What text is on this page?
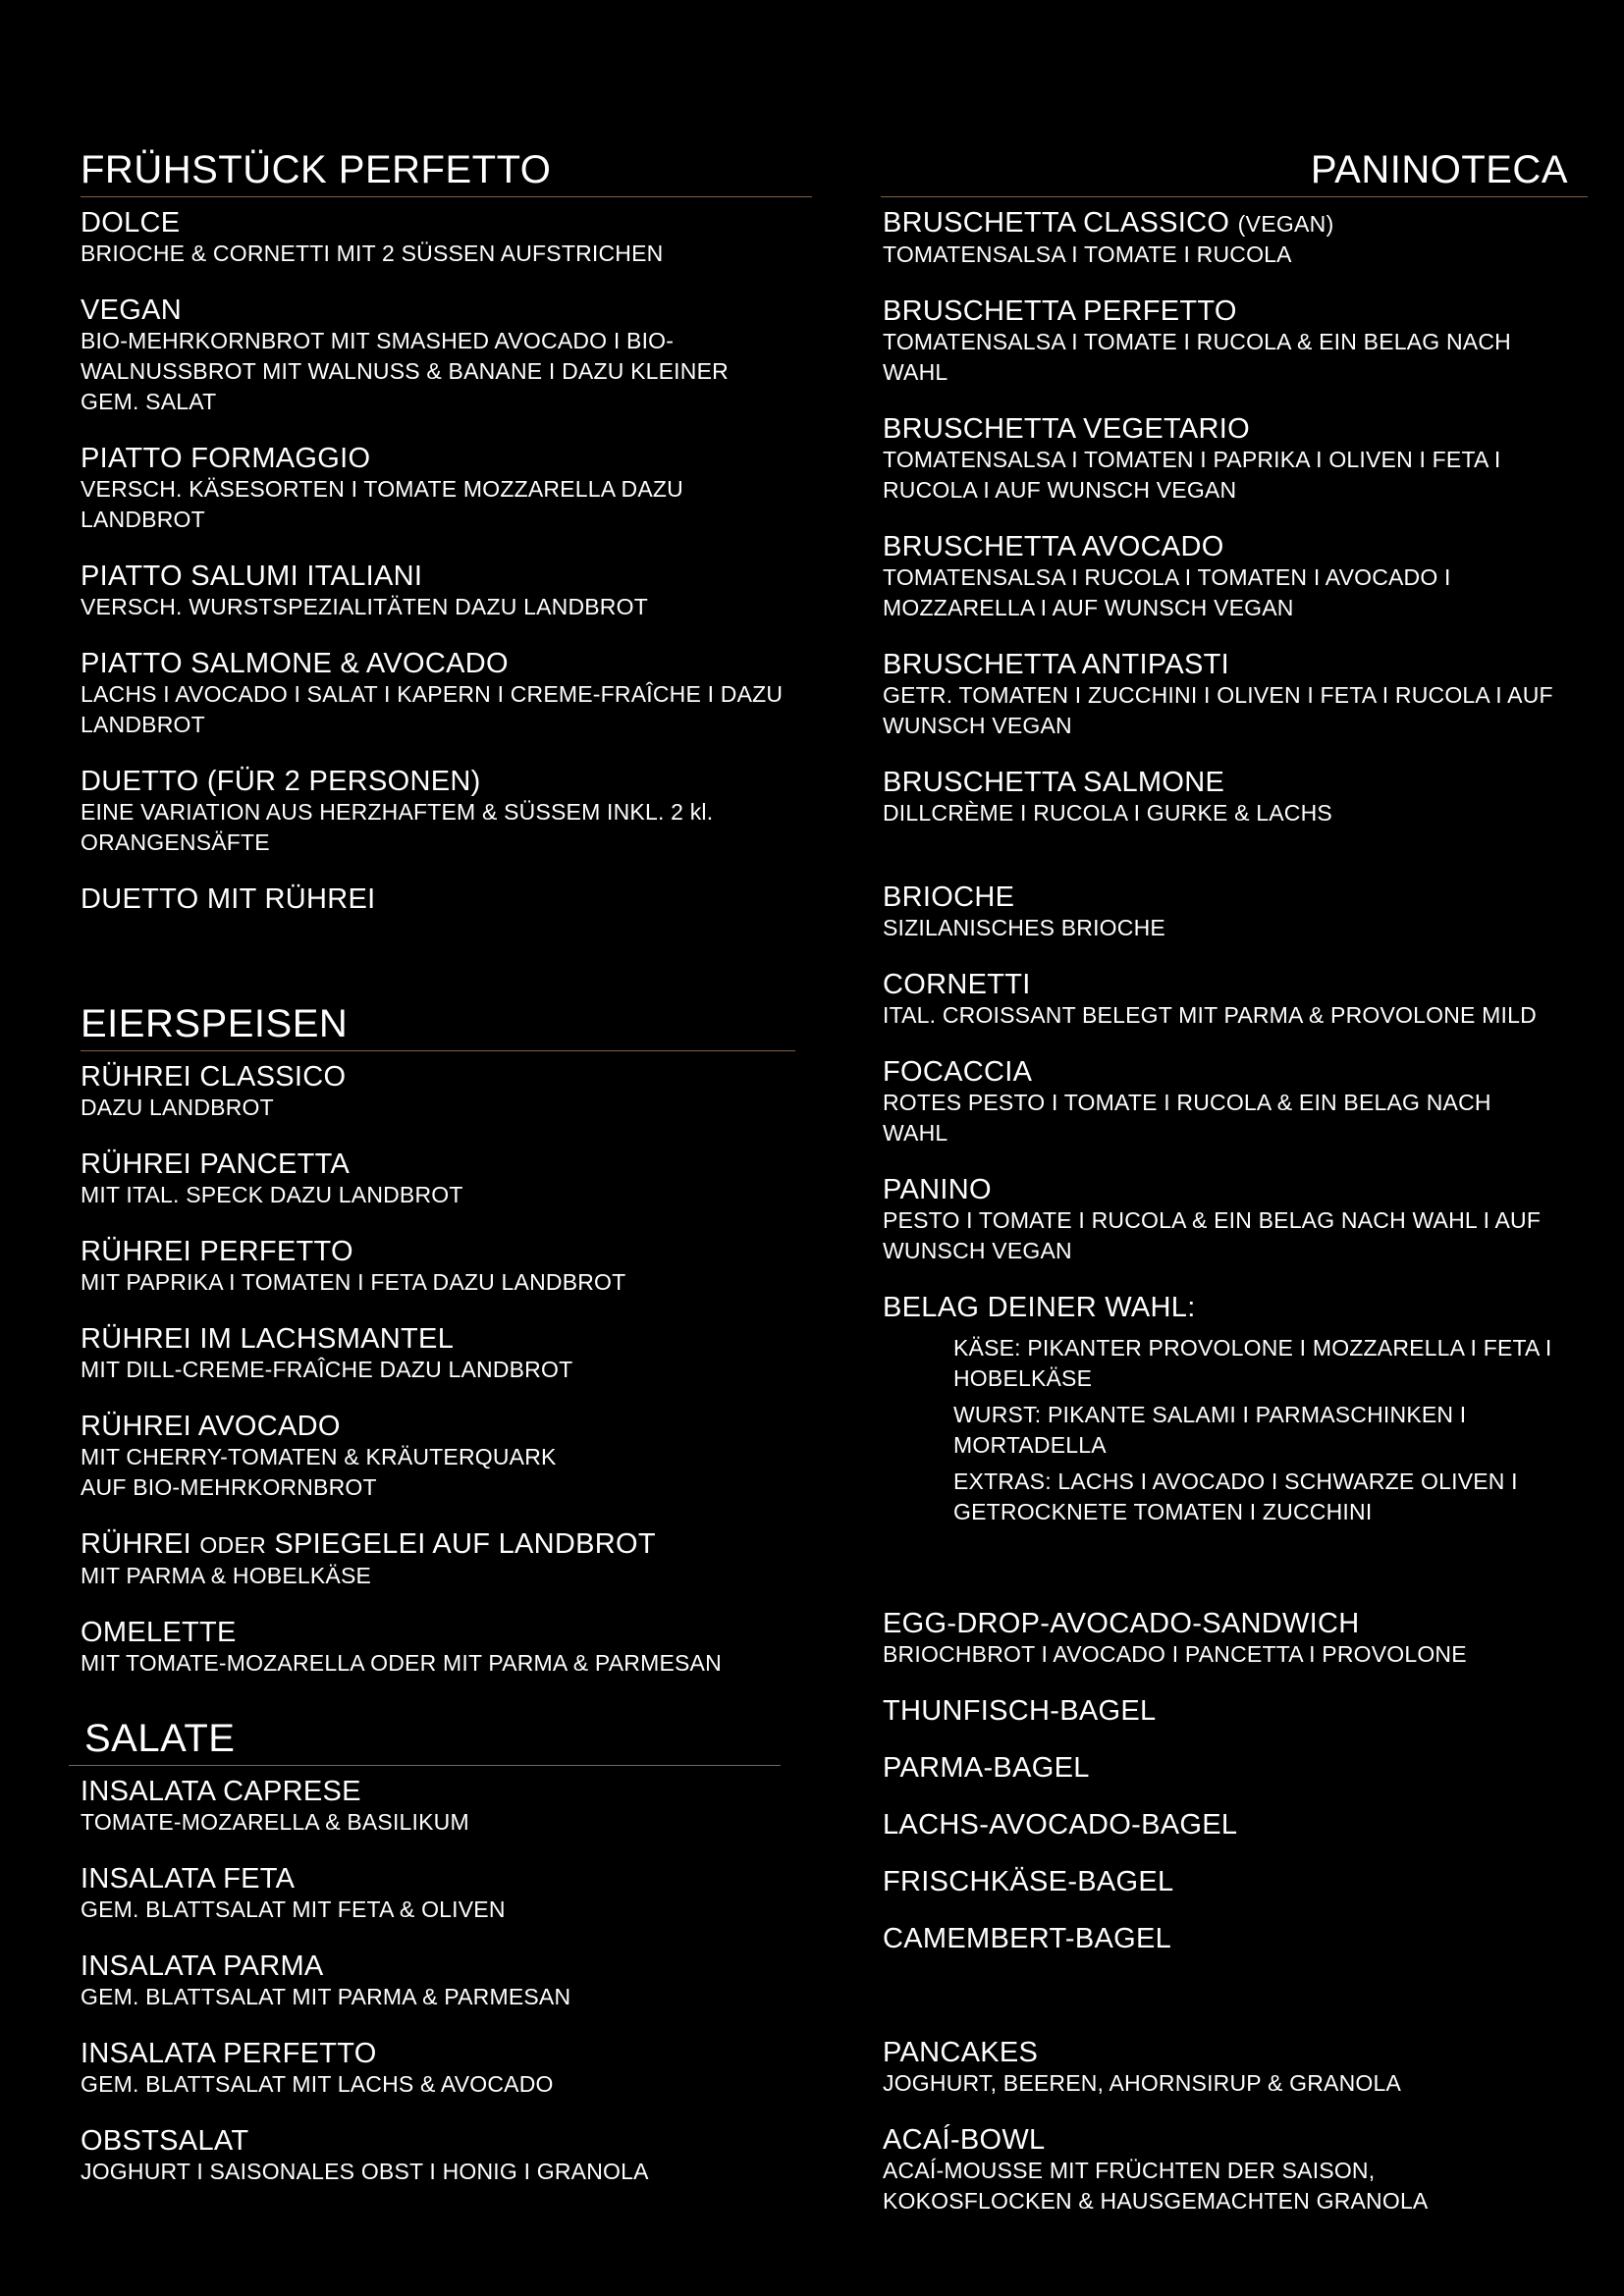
FRÜHSTÜCK PERFETTO
DOLCE
BRIOCHE & CORNETTI MIT 2 SÜSSEN AUFSTRICHEN
VEGAN
BIO-MEHRKORNBROT MIT SMASHED AVOCADO I BIO-WALNUSSBROT MIT WALNUSS & BANANE I DAZU KLEINER GEM. SALAT
PIATTO FORMAGGIO
VERSCH. KÄSESORTEN I TOMATE MOZZARELLA DAZU LANDBROT
PIATTO SALUMI ITALIANI
VERSCH. WURSTSPEZIALITÄTEN DAZU LANDBROT
PIATTO SALMONE & AVOCADO
LACHS I AVOCADO I SALAT I KAPERN I CREME-FRAÎCHE I DAZU LANDBROT
DUETTO (FÜR 2 PERSONEN)
EINE VARIATION AUS HERZHAFTEM & SÜSSEM INKL. 2 kl. ORANGENSÄFTE
DUETTO MIT RÜHREI
EIERSPEISEN
RÜHREI CLASSICO
DAZU LANDBROT
RÜHREI PANCETTA
MIT ITAL. SPECK DAZU LANDBROT
RÜHREI PERFETTO
MIT PAPRIKA I TOMATEN I FETA DAZU LANDBROT
RÜHREI IM LACHSMANTEL
MIT DILL-CREME-FRAÎCHE DAZU LANDBROT
RÜHREI AVOCADO
MIT CHERRY-TOMATEN & KRÄUTERQUARK
AUF BIO-MEHRKORNBROT
RÜHREI ODER SPIEGELEI AUF LANDBROT
MIT PARMA & HOBELKÄSE
OMELETTE
MIT TOMATE-MOZARELLA ODER MIT PARMA & PARMESAN
SALATE
INSALATA CAPRESE
TOMATE-MOZARELLA & BASILIKUM
INSALATA FETA
GEM. BLATTSALAT MIT FETA & OLIVEN
INSALATA PARMA
GEM. BLATTSALAT MIT PARMA & PARMESAN
INSALATA PERFETTO
GEM. BLATTSALAT MIT LACHS & AVOCADO
OBSTSALAT
JOGHURT I SAISONALES OBST I HONIG I GRANOLA
PANINOTECA
BRUSCHETTA CLASSICO (VEGAN)
TOMATENSALSA I TOMATE I RUCOLA
BRUSCHETTA PERFETTO
TOMATENSALSA I TOMATE I RUCOLA & EIN BELAG NACH WAHL
BRUSCHETTA VEGETARIO
TOMATENSALSA I TOMATEN I PAPRIKA I OLIVEN I FETA I RUCOLA I AUF WUNSCH VEGAN
BRUSCHETTA AVOCADO
TOMATENSALSA I RUCOLA I TOMATEN I AVOCADO I MOZZARELLA I AUF WUNSCH VEGAN
BRUSCHETTA ANTIPASTI
GETR. TOMATEN I ZUCCHINI I OLIVEN I FETA I RUCOLA I AUF WUNSCH VEGAN
BRUSCHETTA SALMONE
DILLCRÈME I RUCOLA I GURKE & LACHS
BRIOCHE
SIZILANISCHES BRIOCHE
CORNETTI
ITAL. CROISSANT BELEGT MIT PARMA & PROVOLONE MILD
FOCACCIA
ROTES PESTO I TOMATE I RUCOLA & EIN BELAG NACH WAHL
PANINO
PESTO I TOMATE I RUCOLA & EIN BELAG NACH WAHL I AUF WUNSCH VEGAN
BELAG DEINER WAHL:
KÄSE: PIKANTER PROVOLONE I MOZZARELLA I FETA I HOBELKÄSE
WURST: PIKANTE SALAMI I PARMASCHINKEN I MORTADELLA
EXTRAS: LACHS I AVOCADO I SCHWARZE OLIVEN I GETROCKNETE TOMATEN I ZUCCHINI
EGG-DROP-AVOCADO-SANDWICH
BRIOCHBROT I AVOCADO I PANCETTA I PROVOLONE
THUNFISCH-BAGEL
PARMA-BAGEL
LACHS-AVOCADO-BAGEL
FRISCHKÄSE-BAGEL
CAMEMBERT-BAGEL
PANCAKES
JOGHURT, BEEREN, AHORNSIRUP & GRANOLA
ACAÍ-BOWL
ACAÍ-MOUSSE MIT FRÜCHTEN DER SAISON, KOKOSFLOCKEN & HAUSGEMACHTEN GRANOLA
